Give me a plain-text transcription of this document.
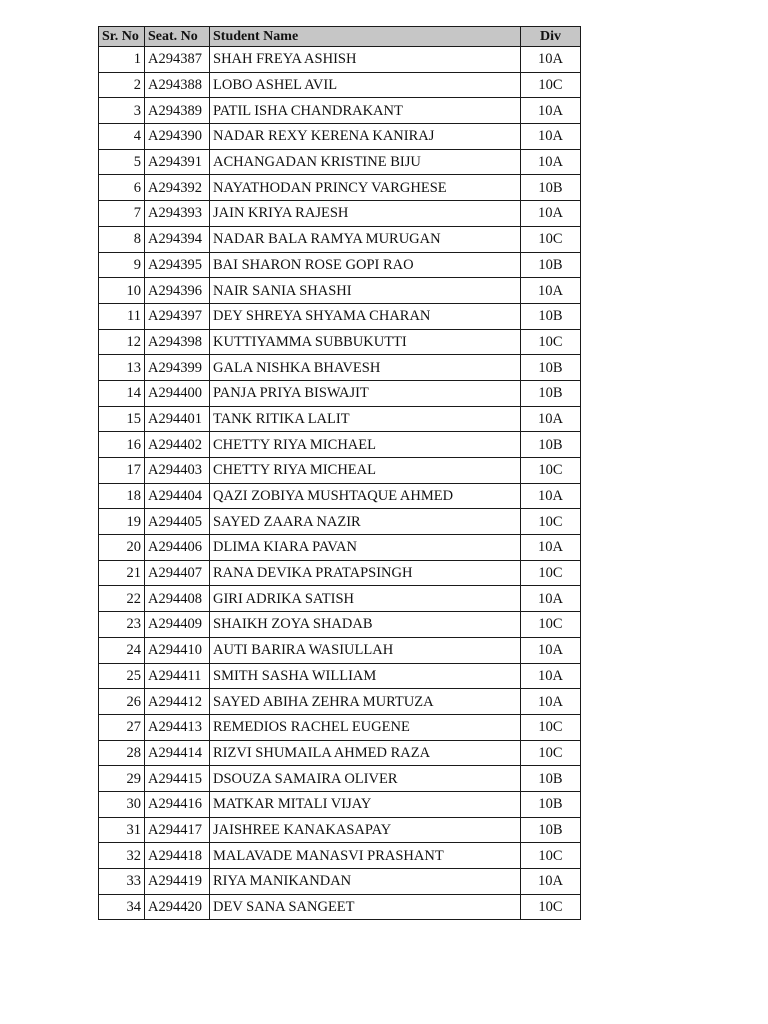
Sr. No	Seat. No	Student Name	Div
1	A294387	SHAH FREYA ASHISH	10A
2	A294388	LOBO ASHEL AVIL	10C
3	A294389	PATIL ISHA CHANDRAKANT	10A
4	A294390	NADAR REXY KERENA KANIRAJ	10A
5	A294391	ACHANGADAN KRISTINE BIJU	10A
6	A294392	NAYATHODAN PRINCY VARGHESE	10B
7	A294393	JAIN KRIYA RAJESH	10A
8	A294394	NADAR BALA RAMYA MURUGAN	10C
9	A294395	BAI SHARON ROSE GOPI RAO	10B
10	A294396	NAIR SANIA SHASHI	10A
11	A294397	DEY SHREYA SHYAMA CHARAN	10B
12	A294398	KUTTIYAMMA SUBBUKUTTI	10C
13	A294399	GALA NISHKA BHAVESH	10B
14	A294400	PANJA PRIYA BISWAJIT	10B
15	A294401	TANK RITIKA LALIT	10A
16	A294402	CHETTY RIYA MICHAEL	10B
17	A294403	CHETTY RIYA MICHEAL	10C
18	A294404	QAZI ZOBIYA MUSHTAQUE AHMED	10A
19	A294405	SAYED ZAARA NAZIR	10C
20	A294406	DLIMA KIARA PAVAN	10A
21	A294407	RANA DEVIKA PRATAPSINGH	10C
22	A294408	GIRI ADRIKA SATISH	10A
23	A294409	SHAIKH ZOYA SHADAB	10C
24	A294410	AUTI BARIRA WASIULLAH	10A
25	A294411	SMITH SASHA WILLIAM	10A
26	A294412	SAYED ABIHA ZEHRA MURTUZA	10A
27	A294413	REMEDIOS RACHEL EUGENE	10C
28	A294414	RIZVI SHUMAILA AHMED RAZA	10C
29	A294415	DSOUZA SAMAIRA OLIVER	10B
30	A294416	MATKAR MITALI VIJAY	10B
31	A294417	JAISHREE KANAKASAPAY	10B
32	A294418	MALAVADE MANASVI PRASHANT	10C
33	A294419	RIYA MANIKANDAN	10A
34	A294420	DEV SANA SANGEET	10C
